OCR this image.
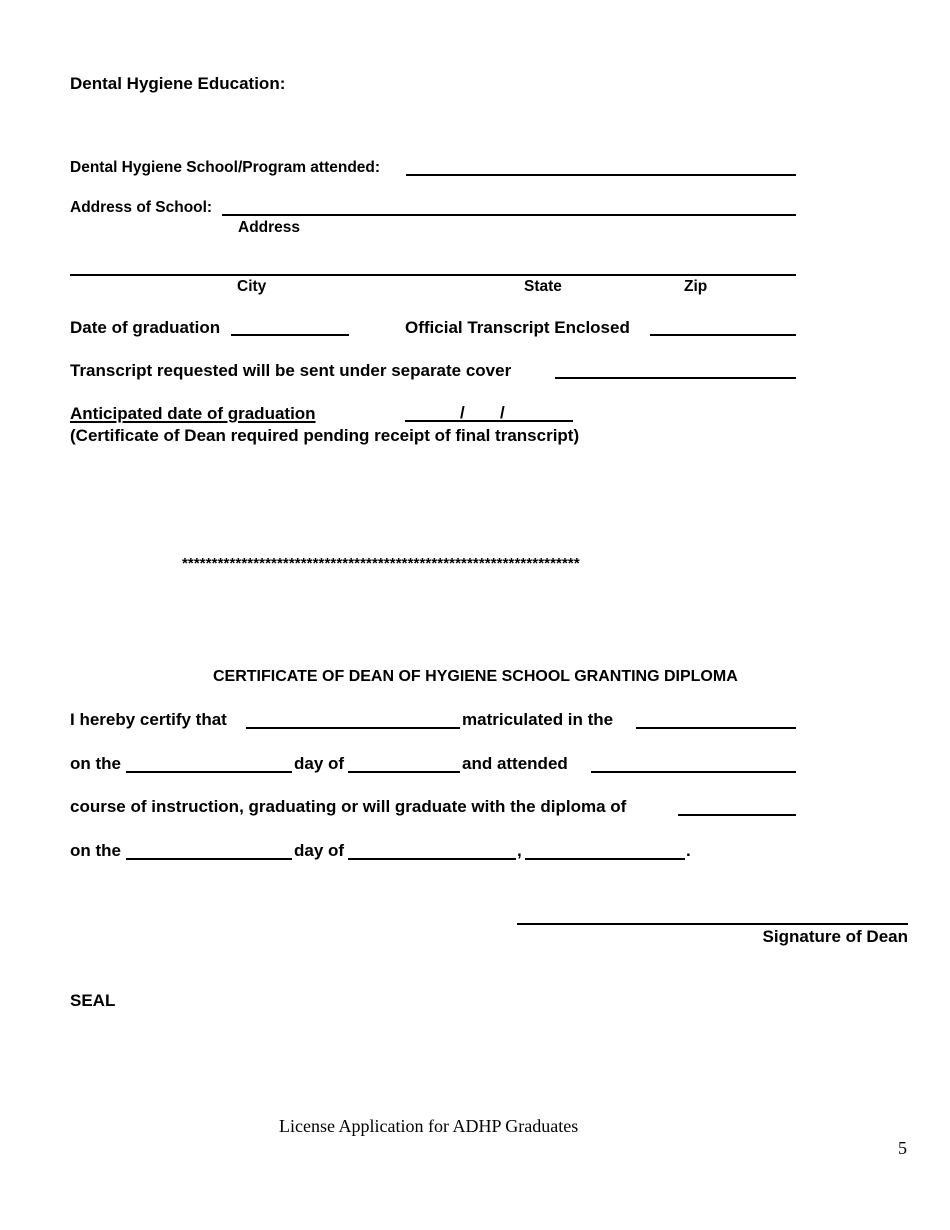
Dental Hygiene Education:
Dental Hygiene School/Program attended:
Address of School:
Address
City	State	Zip
Date of graduation	Official Transcript Enclosed
Transcript requested will be sent under separate cover
Anticipated date of graduation	/ /
(Certificate of Dean required pending receipt of final transcript)
*******************************************************************
CERTIFICATE OF DEAN OF HYGIENE SCHOOL GRANTING DIPLOMA
I hereby certify that	matriculated in the
on the	day of	and attended
course of instruction, graduating or will graduate with the diploma of
on the	day of	,	.
Signature of Dean
SEAL
License Application for ADHP Graduates
5
